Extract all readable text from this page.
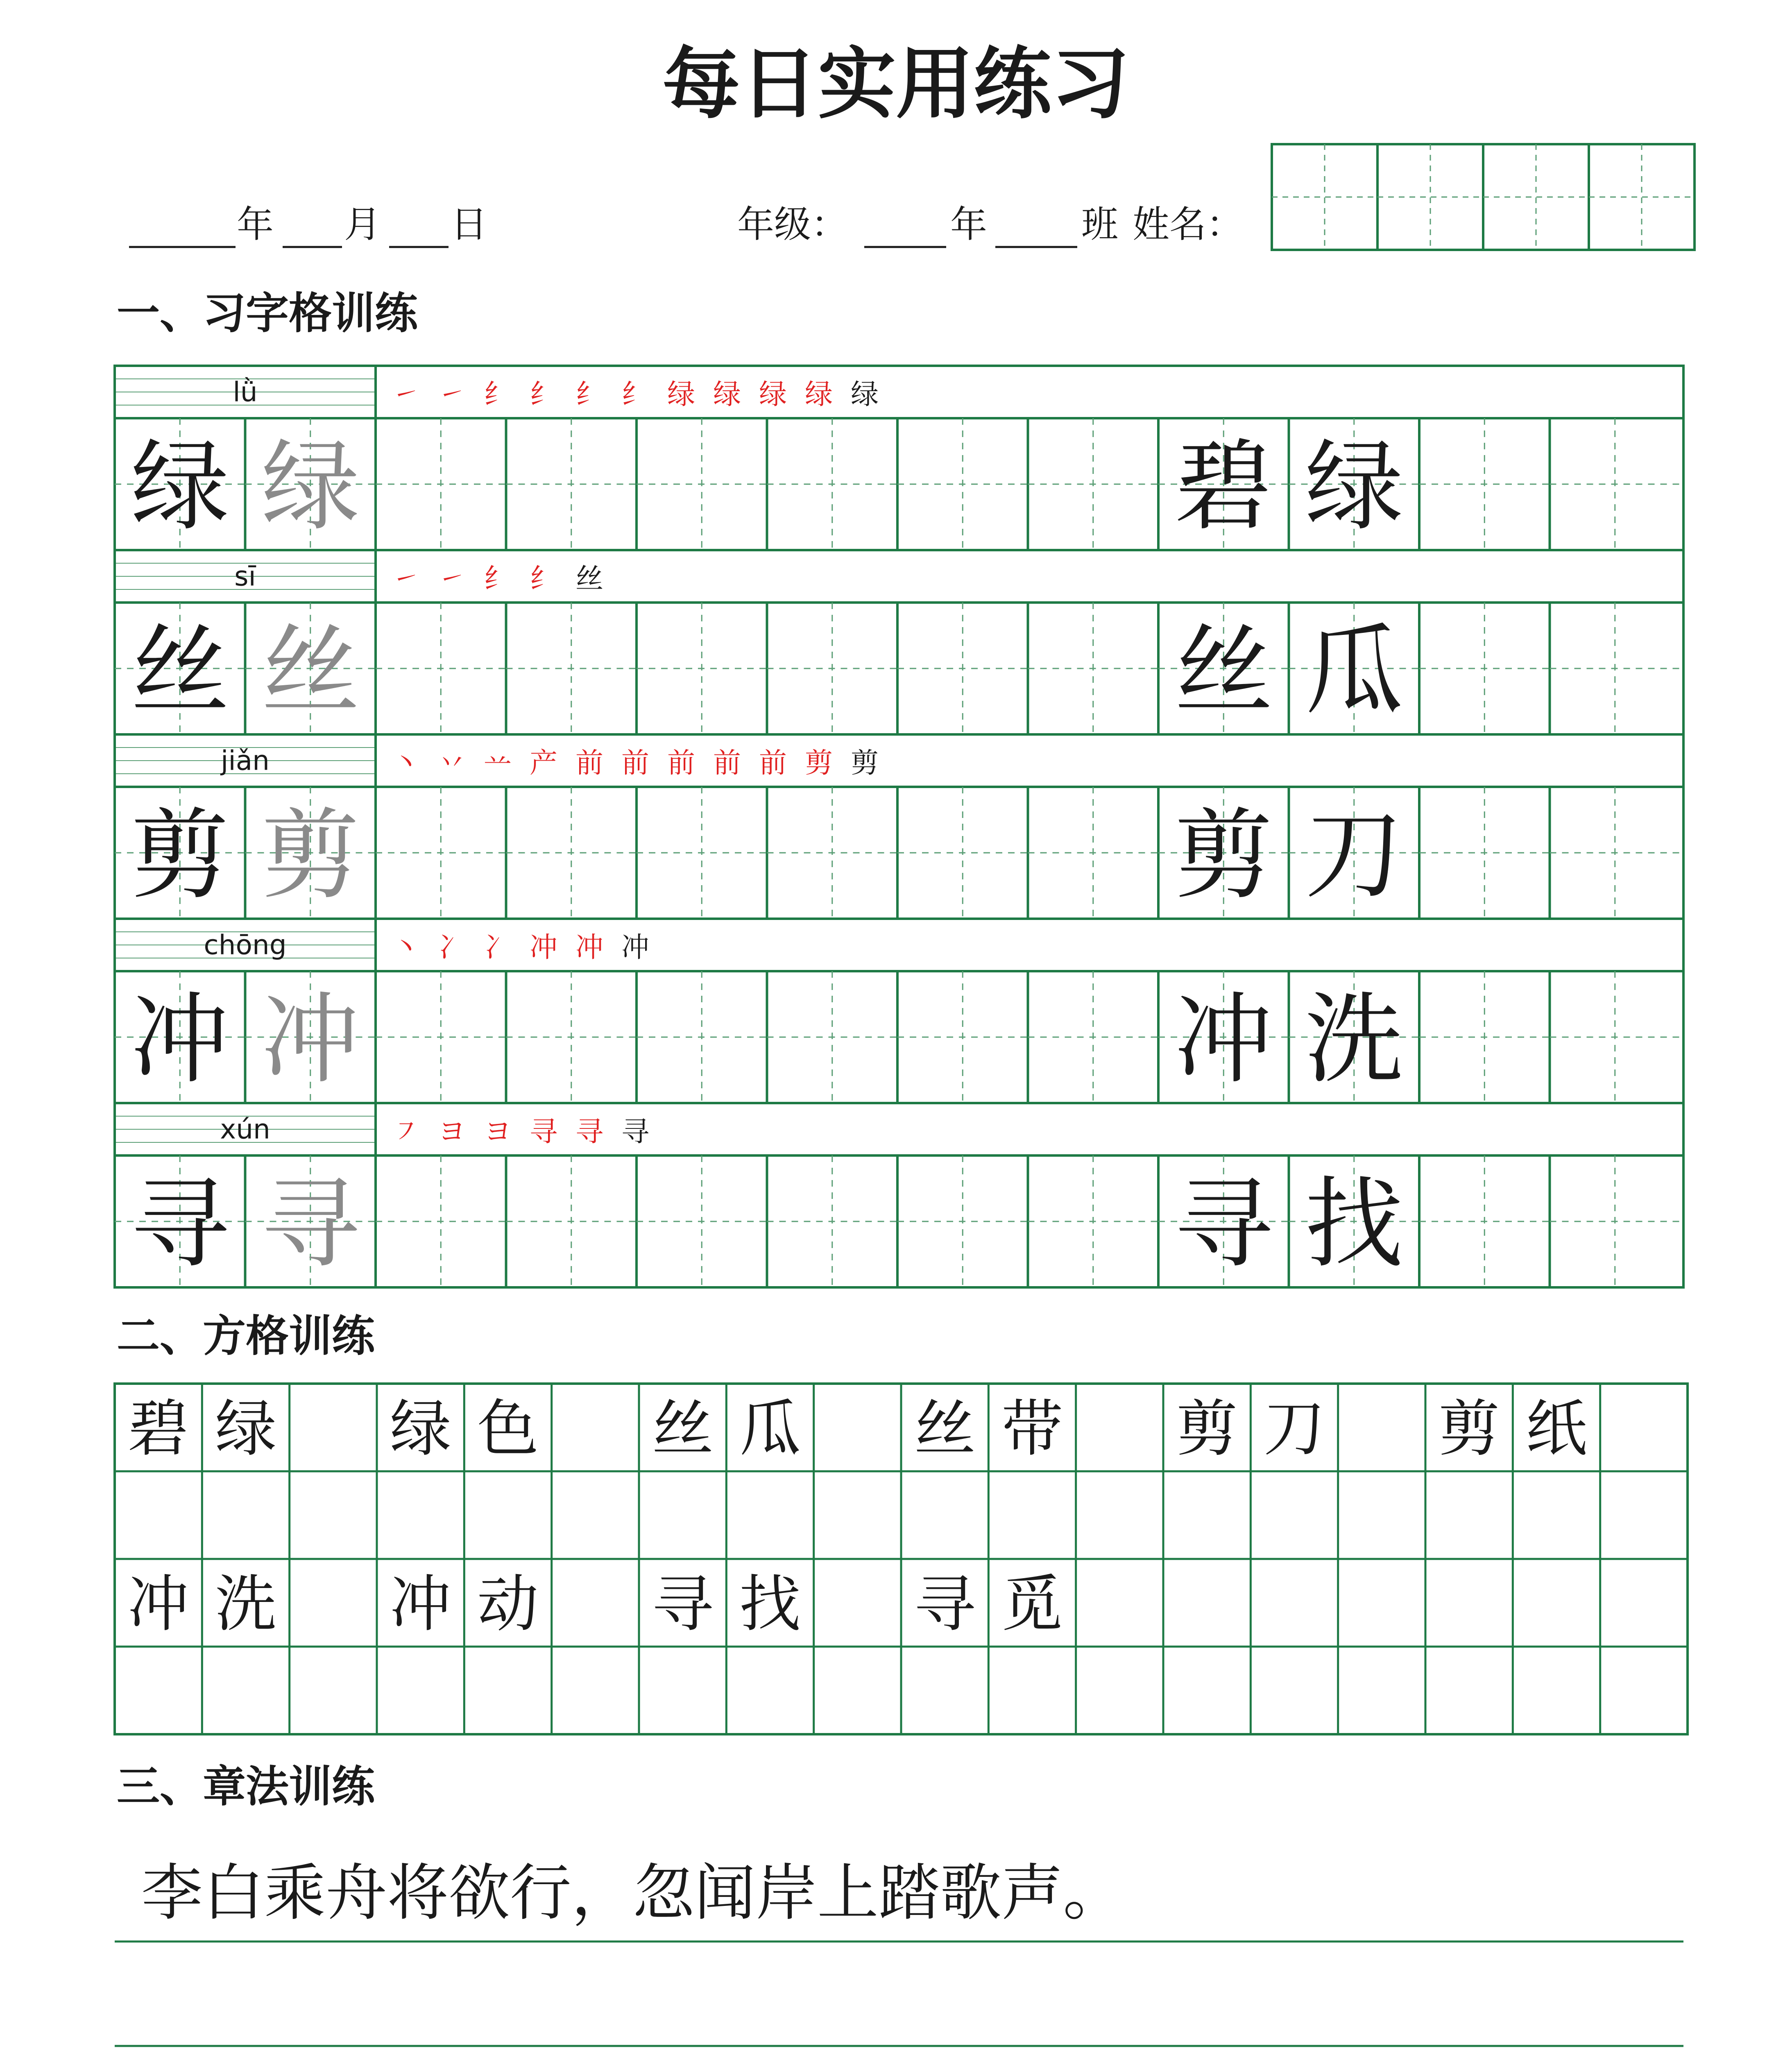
每日实用练习
年 月 日	年级：	年	班 姓名：
一、习字格训练
lǜ	㇀ ㇀ 纟 纟 纟 纟 绿 绿 绿 绿 绿
绿 绿	碧 绿
sī	㇀ ㇀ 纟 纟 丝
丝 丝	丝 瓜
jiǎn	丶 丷 䒑 产 前 前 前 前 前 剪 剪
剪 剪	剪 刀
chōng	丶 冫 冫 冲 冲 冲
冲 冲	冲 洗
xún	㇇ ヨ ヨ 寻 寻 寻
寻 寻	寻 找
二、方格训练
碧 绿 绿 色 丝 瓜 丝 带 剪 刀 剪 纸
冲 洗 冲 动 寻 找 寻 觅
三、章法训练
李白乘舟将欲行，忽闻岸上踏歌声。
